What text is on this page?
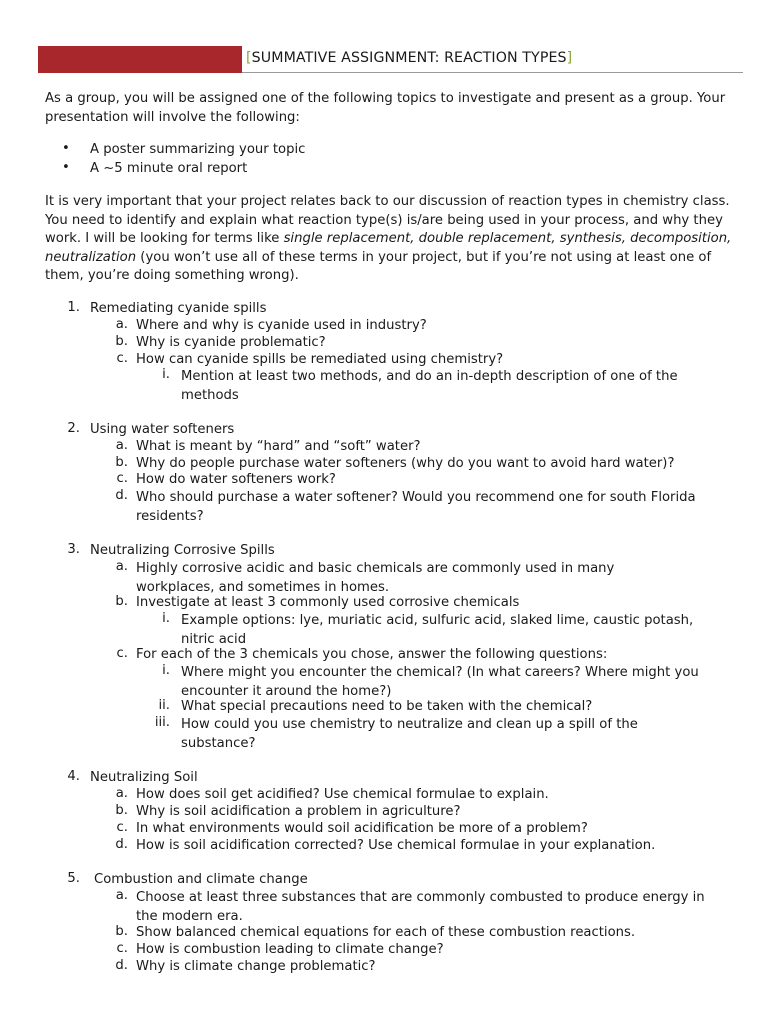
[SUMMATIVE ASSIGNMENT: REACTION TYPES]

As a group, you will be assigned one of the following topics to investigate and present as a group. Your presentation will involve the following:

• A poster summarizing your topic
• A ~5 minute oral report

It is very important that your project relates back to our discussion of reaction types in chemistry class. You need to identify and explain what reaction type(s) is/are being used in your process, and why they work. I will be looking for terms like single replacement, double replacement, synthesis, decomposition, neutralization (you won’t use all of these terms in your project, but if you’re not using at least one of them, you’re doing something wrong).

1. Remediating cyanide spills
a. Where and why is cyanide used in industry?
b. Why is cyanide problematic?
c. How can cyanide spills be remediated using chemistry?
i. Mention at least two methods, and do an in-depth description of one of the methods
2. Using water softeners
a. What is meant by “hard” and “soft” water?
b. Why do people purchase water softeners (why do you want to avoid hard water)?
c. How do water softeners work?
d. Who should purchase a water softener? Would you recommend one for south Florida residents?
3. Neutralizing Corrosive Spills
a. Highly corrosive acidic and basic chemicals are commonly used in many workplaces, and sometimes in homes.
b. Investigate at least 3 commonly used corrosive chemicals
i. Example options: lye, muriatic acid, sulfuric acid, slaked lime, caustic potash, nitric acid
c. For each of the 3 chemicals you chose, answer the following questions:
i. Where might you encounter the chemical? (In what careers? Where might you encounter it around the home?)
ii. What special precautions need to be taken with the chemical?
iii. How could you use chemistry to neutralize and clean up a spill of the substance?
4. Neutralizing Soil
a. How does soil get acidified? Use chemical formulae to explain.
b. Why is soil acidification a problem in agriculture?
c. In what environments would soil acidification be more of a problem?
d. How is soil acidification corrected? Use chemical formulae in your explanation.
5. Combustion and climate change
a. Choose at least three substances that are commonly combusted to produce energy in the modern era.
b. Show balanced chemical equations for each of these combustion reactions.
c. How is combustion leading to climate change?
d. Why is climate change problematic?
